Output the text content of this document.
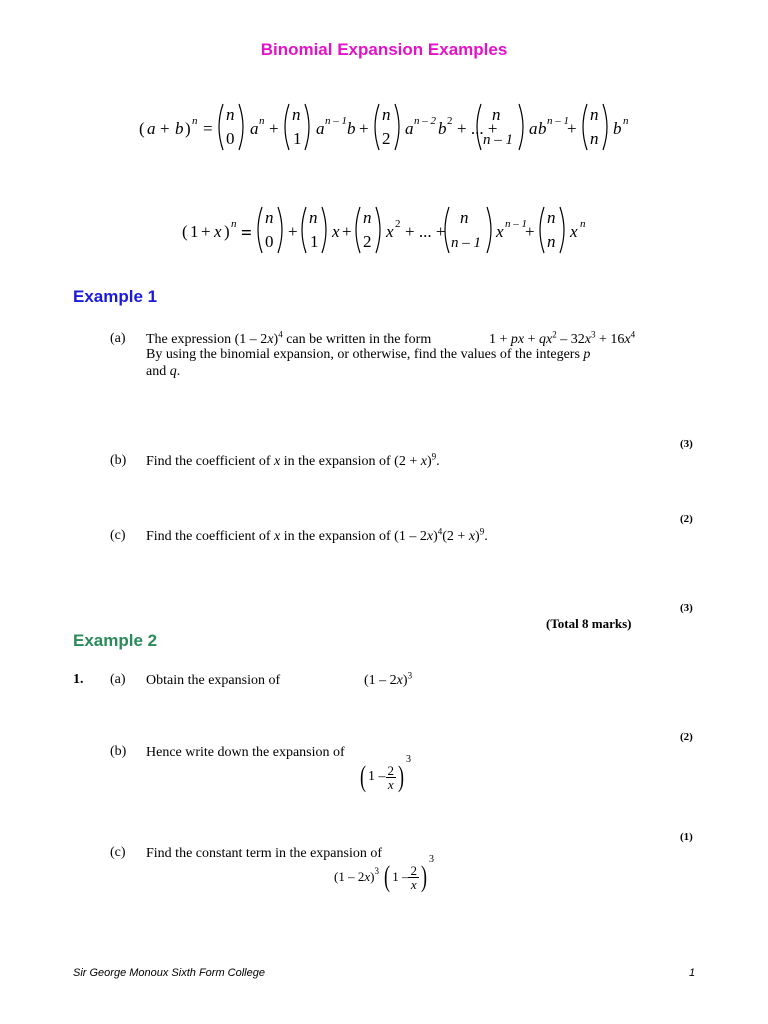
Binomial Expansion Examples
( a + b ) n =
n
0
a n +
n
1
a n – 1 b +
n
2
a n – 2 b 2 + ... +
n
n – 1
a b n – 1
+
n
n
b n
( 1 + x ) n =
n
0
+
n
1
x +
n
2
x 2 + ... +
n
n – 1
x n – 1
+
n
n
x n
Example 1
(a) The expression (1 – 2x)$^4$ can be written in the form	1 + px + $qx^2 - 32x^3 + 16x^4$
By using the binomial expansion, or otherwise, find the values of the integers p
and q.
(3)
(b) Find the coefficient of x in the expansion of $(2 + x)^9$.
(2)
(c) Find the coefficient of x in the expansion of $(1 - 2x)^4(2 + x)^9$.
(3)
(Total 8 marks)
Example 2
1. (a) Obtain the expansion of	(1 – 2x)$^3$
(2)
(b) Hence write down the expansion of
( $1 - \frac{2}{x} )^3$
(1)
(c) Find the constant term in the expansion of
(1 – 2x)$^3$ ( $1 - \frac{2}{x} )^3$
Sir George Monoux Sixth Form College	1
